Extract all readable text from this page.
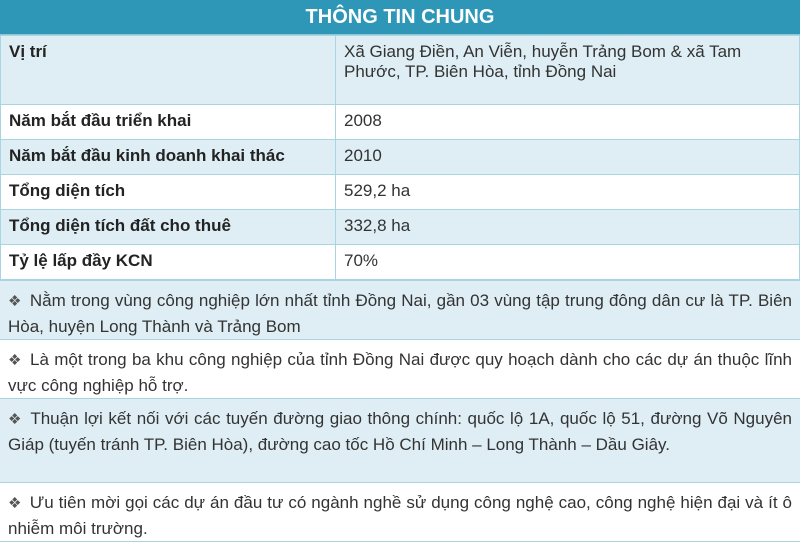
THÔNG TIN CHUNG
Vị trí	Xã Giang Điền, An Viễn, huyễn Trảng Bom & xã Tam Phước, TP. Biên Hòa, tỉnh Đồng Nai
Năm bắt đầu triển khai	2008
Năm bắt đầu kinh doanh khai thác	2010
Tổng diện tích	529,2 ha
Tổng diện tích đất cho thuê	332,8 ha
Tỷ lệ lấp đầy KCN	70%
❖ Nằm trong vùng công nghiệp lớn nhất tỉnh Đồng Nai, gần 03 vùng tập trung đông dân cư là TP. Biên Hòa, huyện Long Thành và Trảng Bom
❖ Là một trong ba khu công nghiệp của tỉnh Đồng Nai được quy hoạch dành cho các dự án thuộc lĩnh vực công nghiệp hỗ trợ.
❖ Thuận lợi kết nối với các tuyến đường giao thông chính: quốc lộ 1A, quốc lộ 51, đường Võ Nguyên Giáp (tuyến tránh TP. Biên Hòa), đường cao tốc Hồ Chí Minh – Long Thành – Dầu Giây.
❖ Ưu tiên mời gọi các dự án đầu tư có ngành nghề sử dụng công nghệ cao, công nghệ hiện đại và ít ô nhiễm môi trường.
